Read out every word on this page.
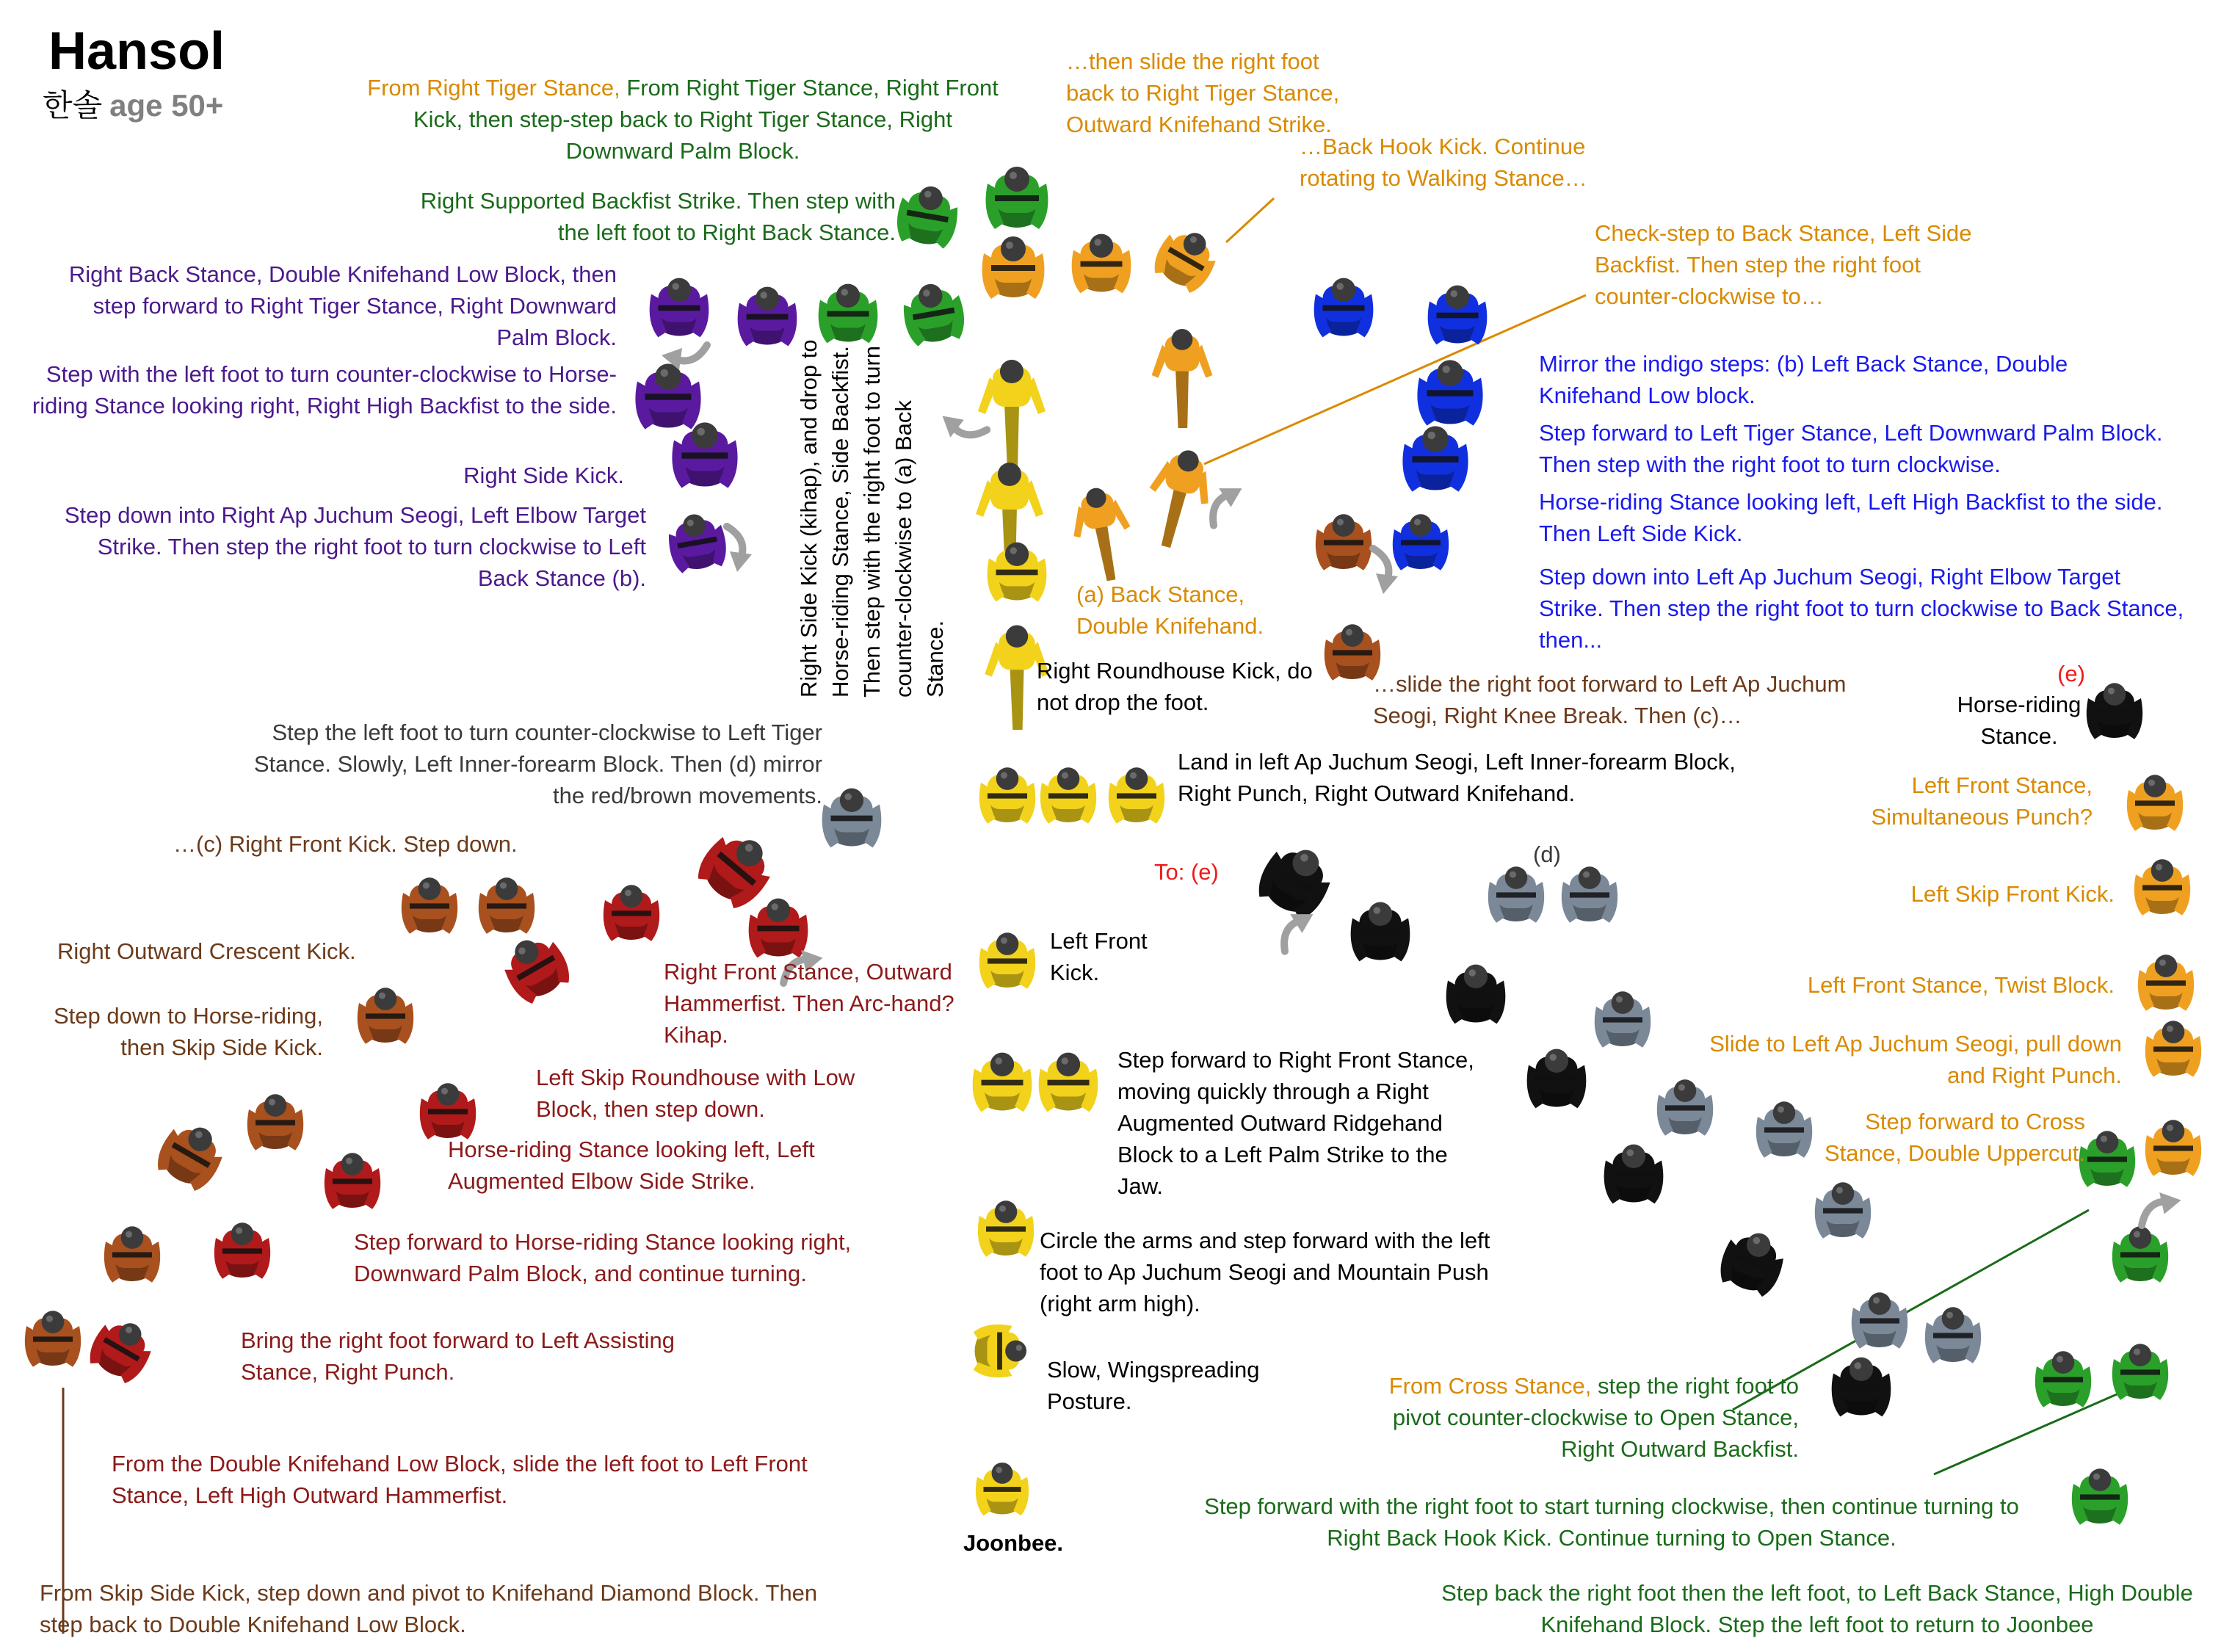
Hansol
한솔 age 50+
From Right Tiger Stance, From Right Tiger Stance, Right Front Kick, then step-step back to Right Tiger Stance, Right Downward Palm Block.
…then slide the right foot back to Right Tiger Stance, Outward Knifehand Strike.
…Back Hook Kick. Continue rotating to Walking Stance…
Right Supported Backfist Strike. Then step with the left foot to Right Back Stance.	Check-step to Back Stance, Left Side Backfist. Then step the right foot counter-clockwise to…
Right Back Stance, Double Knifehand Low Block, then step forward to Right Tiger Stance, Right Downward Palm Block.
Mirror the indigo steps: (b) Left Back Stance, Double Knifehand Low block.
Step with the left foot to turn counter-clockwise to Horse-riding Stance looking right, Right High Backfist to the side.
Step forward to Left Tiger Stance, Left Downward Palm Block. Then step with the right foot to turn clockwise.
Right Side Kick.
Horse-riding Stance looking left, Left High Backfist to the side. Then Left Side Kick.
Step down into Right Ap Juchum Seogi, Left Elbow Target Strike. Then step the right foot to turn clockwise to Left Back Stance (b).	Step down into Left Ap Juchum Seogi, Right Elbow Target Strike. Then step the right foot to turn clockwise to Back Stance, then...
Right Side Kick (kihap), and drop to Horse-riding Stance, Side Backfist. Then step with the right foot to turn counter-clockwise to (a) Back Stance.
(a) Back Stance, Double Knifehand.
Right Roundhouse Kick, do not drop the foot.
…slide the right foot forward to Left Ap Juchum Seogi, Right Knee Break. Then (c)…
(e)
Horse-riding Stance.
Step the left foot to turn counter-clockwise to Left Tiger Stance. Slowly, Left Inner-forearm Block. Then (d) mirror the red/brown movements.
Land in left Ap Juchum Seogi, Left Inner-forearm Block, Right Punch, Right Outward Knifehand.	Left Front Stance, Simultaneous Punch?
…(c) Right Front Kick. Step down.
To: (e)
(d)
Left Skip Front Kick.
Right Outward Crescent Kick.
Right Front Stance, Outward Hammerfist. Then Arc-hand? Kihap.
Left Front Kick.	Left Front Stance, Twist Block.
Step down to Horse-riding, then Skip Side Kick.
Left Skip Roundhouse with Low Block, then step down.
Slide to Left Ap Juchum Seogi, pull down and Right Punch.
Step forward to Right Front Stance, moving quickly through a Right Augmented Outward Ridgehand Block to a Left Palm Strike to the Jaw.
Step forward to Cross Stance, Double Uppercut.
Horse-riding Stance looking left, Left Augmented Elbow Side Strike.
Step forward to Horse-riding Stance looking right, Downward Palm Block, and continue turning.
Circle the arms and step forward with the left foot to Ap Juchum Seogi and Mountain Push (right arm high).
Bring the right foot forward to Left Assisting Stance, Right Punch.	Slow, Wingspreading Posture.
From Cross Stance, step the right foot to pivot counter-clockwise to Open Stance, Right Outward Backfist.
From the Double Knifehand Low Block, slide the left foot to Left Front Stance, Left High Outward Hammerfist.	Step forward with the right foot to start turning clockwise, then continue turning to Right Back Hook Kick. Continue turning to Open Stance.
Joonbee.
From Skip Side Kick, step down and pivot to Knifehand Diamond Block. Then step back to Double Knifehand Low Block.
Step back the right foot then the left foot, to Left Back Stance, High Double Knifehand Block. Step the left foot to return to Joonbee
